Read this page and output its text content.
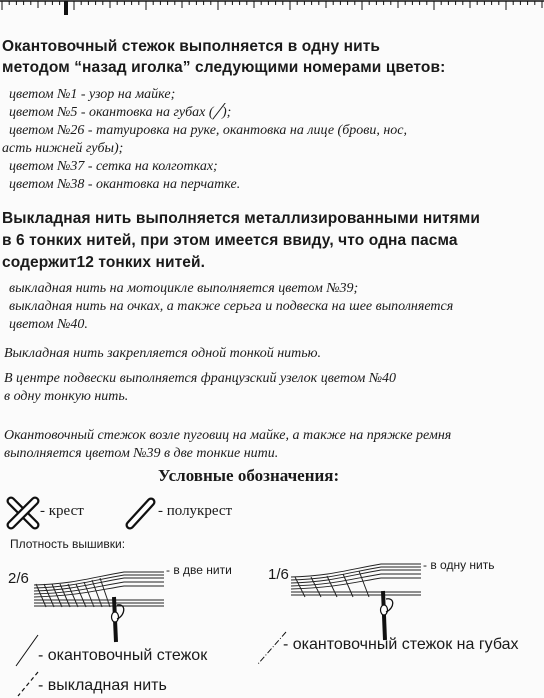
Окантовочный стежок выполняется в одну нить

методом “назад иголка” следующими номерами цветов:

цветом №1 - узор на майке;

цветом №5 - окантовка на губах (╱);

цветом №26 - татуировка на руке, окантовка на лице (брови, нос,

асть нижней губы);

цветом №37 - сетка на колготках;

цветом №38 - окантовка на перчатке.

Выкладная нить выполняется металлизированными нитями

в 6 тонких нитей, при этом имеется ввиду, что одна пасма

содержит12 тонких нитей.

выкладная нить на мотоцикле выполняется цветом №39;

выкладная нить на очках, а также серьга и подвеска на шее выполняется

цветом №40.

Выкладная нить закрепляется одной тонкой нитью.

В центре подвески выполняется французский узелок цветом №40

в одну тонкую нить.

Окантовочный стежок возле пуговиц на майке, а также на пряжке ремня

выполняется цветом №39 в две тонкие нити.

Условные обозначения:

- крест	- полукрест

Плотность вышивки:

2/6	- в две нити 1/6

- в одну нить

- окантовочный стежок

- окантовочный стежок на губах

- выкладная нить
